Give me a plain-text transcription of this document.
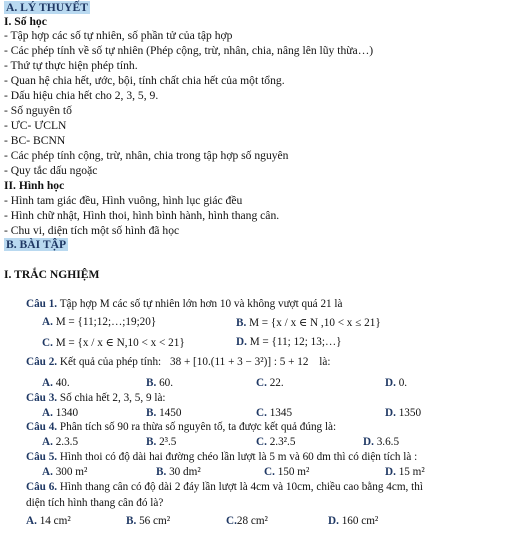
A. LÝ THUYẾT
I. Số học
- Tập hợp các số tự nhiên, số phần tử của tập hợp
- Các phép tính về số tự nhiên (Phép cộng, trừ, nhân, chia, nâng lên lũy thừa…)
- Thứ tự thực hiện phép tính.
- Quan hệ chia hết, ước, bội, tính chất chia hết của một tổng.
- Dấu hiệu chia hết cho 2, 3, 5, 9.
- Số nguyên tố
- ƯC- ƯCLN
- BC- BCNN
- Các phép tính cộng, trừ, nhân, chia trong tập hợp số nguyên
- Quy tắc dấu ngoặc
II. Hình học
- Hình tam giác đều, Hình vuông, hình lục giác đều
- Hình chữ nhật, Hình thoi, hình bình hành, hình thang cân.
- Chu vi, diện tích một số hình đã học
B. BÀI TẬP
I. TRẮC NGHIỆM
Câu 1. Tập hợp M các số tự nhiên lớn hơn 10 và không vượt quá 21 là
A. M = {11;12;…;19;20}	B. M = {x / x ∈ N ,10 < x ≤ 21}
C. M = {x / x ∈ N,10 < x < 21}	D. M = {11; 12; 13;…}
Câu 2. Kết quả của phép tính: 38 + [10.(11 + 3 − 3²)] : 5 + 12 là:
A. 40.	B. 60.	C. 22.	D. 0.
Câu 3. Số chia hết 2, 3, 5, 9 là:
A. 1340	B. 1450	C. 1345	D. 1350
Câu 4. Phân tích số 90 ra thừa số nguyên tố, ta được kết quả đúng là:
A. 2.3.5	B. 2³.5	C. 2.3².5	D. 3.6.5
Câu 5. Hình thoi có độ dài hai đường chéo lần lượt là 5 m và 60 dm thì có diện tích là :
A. 300 m²	B. 30 dm²	C. 150 m²	D. 15 m²
Câu 6. Hình thang cân có độ dài 2 đáy lần lượt là 4cm và 10cm, chiều cao bằng 4cm, thì
diện tích hình thang cân đó là?
A. 14 cm²	B. 56 cm²	C.28 cm²	D. 160 cm²
